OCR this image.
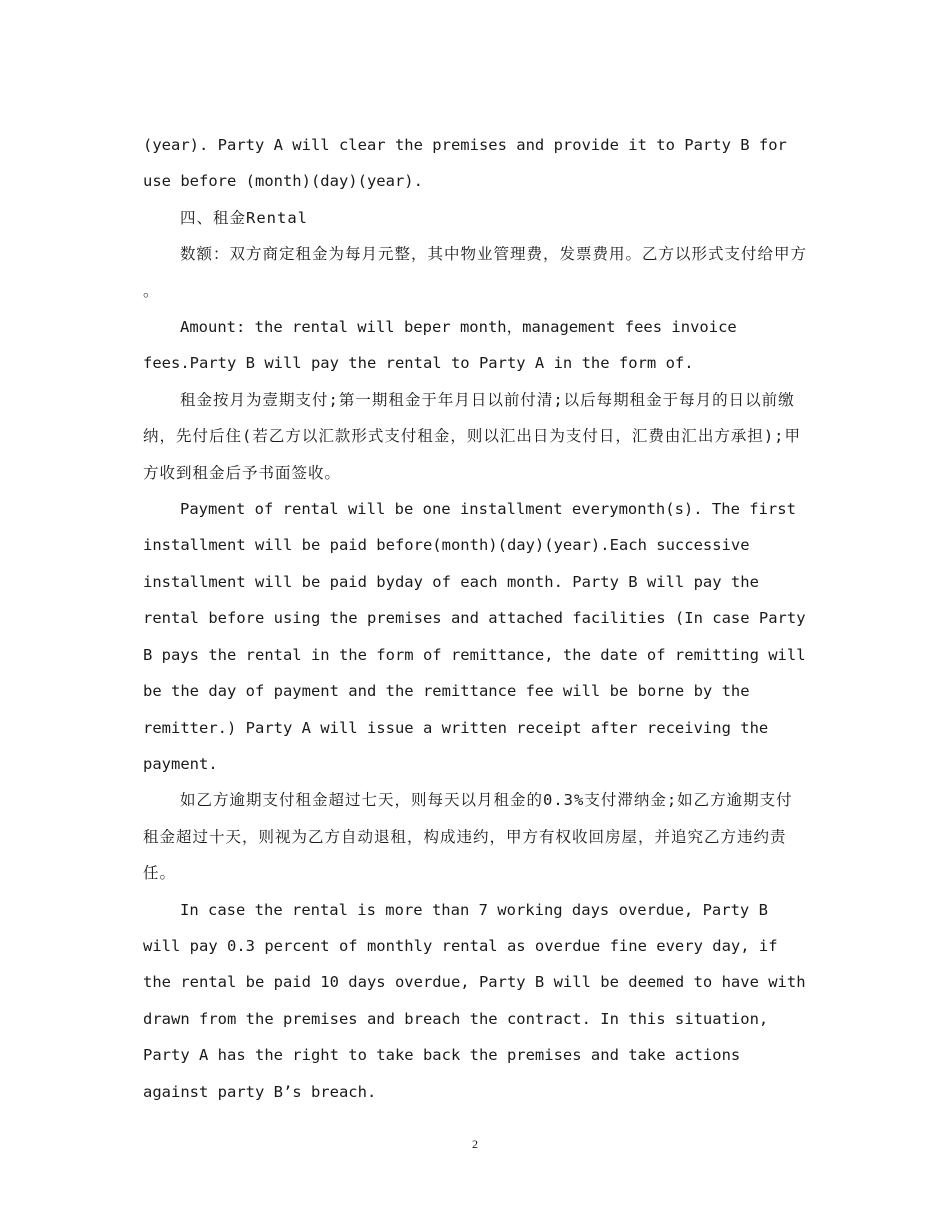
(year). Party A will clear the premises and provide it to Party B for use before (month)(day)(year).

四、租金Rental

数额：双方商定租金为每月元整，其中物业管理费，发票费用。乙方以形式支付给甲方 。

Amount: the rental will beper month，management fees invoice fees.Party B will pay the rental to Party A in the form of.

租金按月为壹期支付;第一期租金于年月日以前付清;以后每期租金于每月的日以前缴纳，先付后住(若乙方以汇款形式支付租金，则以汇出日为支付日，汇费由汇出方承担);甲方收到租金后予书面签收。

Payment of rental will be one installment everymonth(s). The first installment will be paid before(month)(day)(year).Each successive installment will be paid byday of each month. Party B will pay the rental before using the premises and attached facilities (In case Party B pays the rental in the form of remittance, the date of remitting will be the day of payment and the remittance fee will be borne by the remitter.) Party A will issue a written receipt after receiving the payment.

如乙方逾期支付租金超过七天，则每天以月租金的0.3%支付滞纳金;如乙方逾期支付租金超过十天，则视为乙方自动退租，构成违约，甲方有权收回房屋，并追究乙方违约责任。

In case the rental is more than 7 working days overdue, Party B will pay 0.3 percent of monthly rental as overdue fine every day, if the rental be paid 10 days overdue, Party B will be deemed to have with drawn from the premises and breach the contract. In this situation, Party A has the right to take back the premises and take actions against party B’s breach.

2
